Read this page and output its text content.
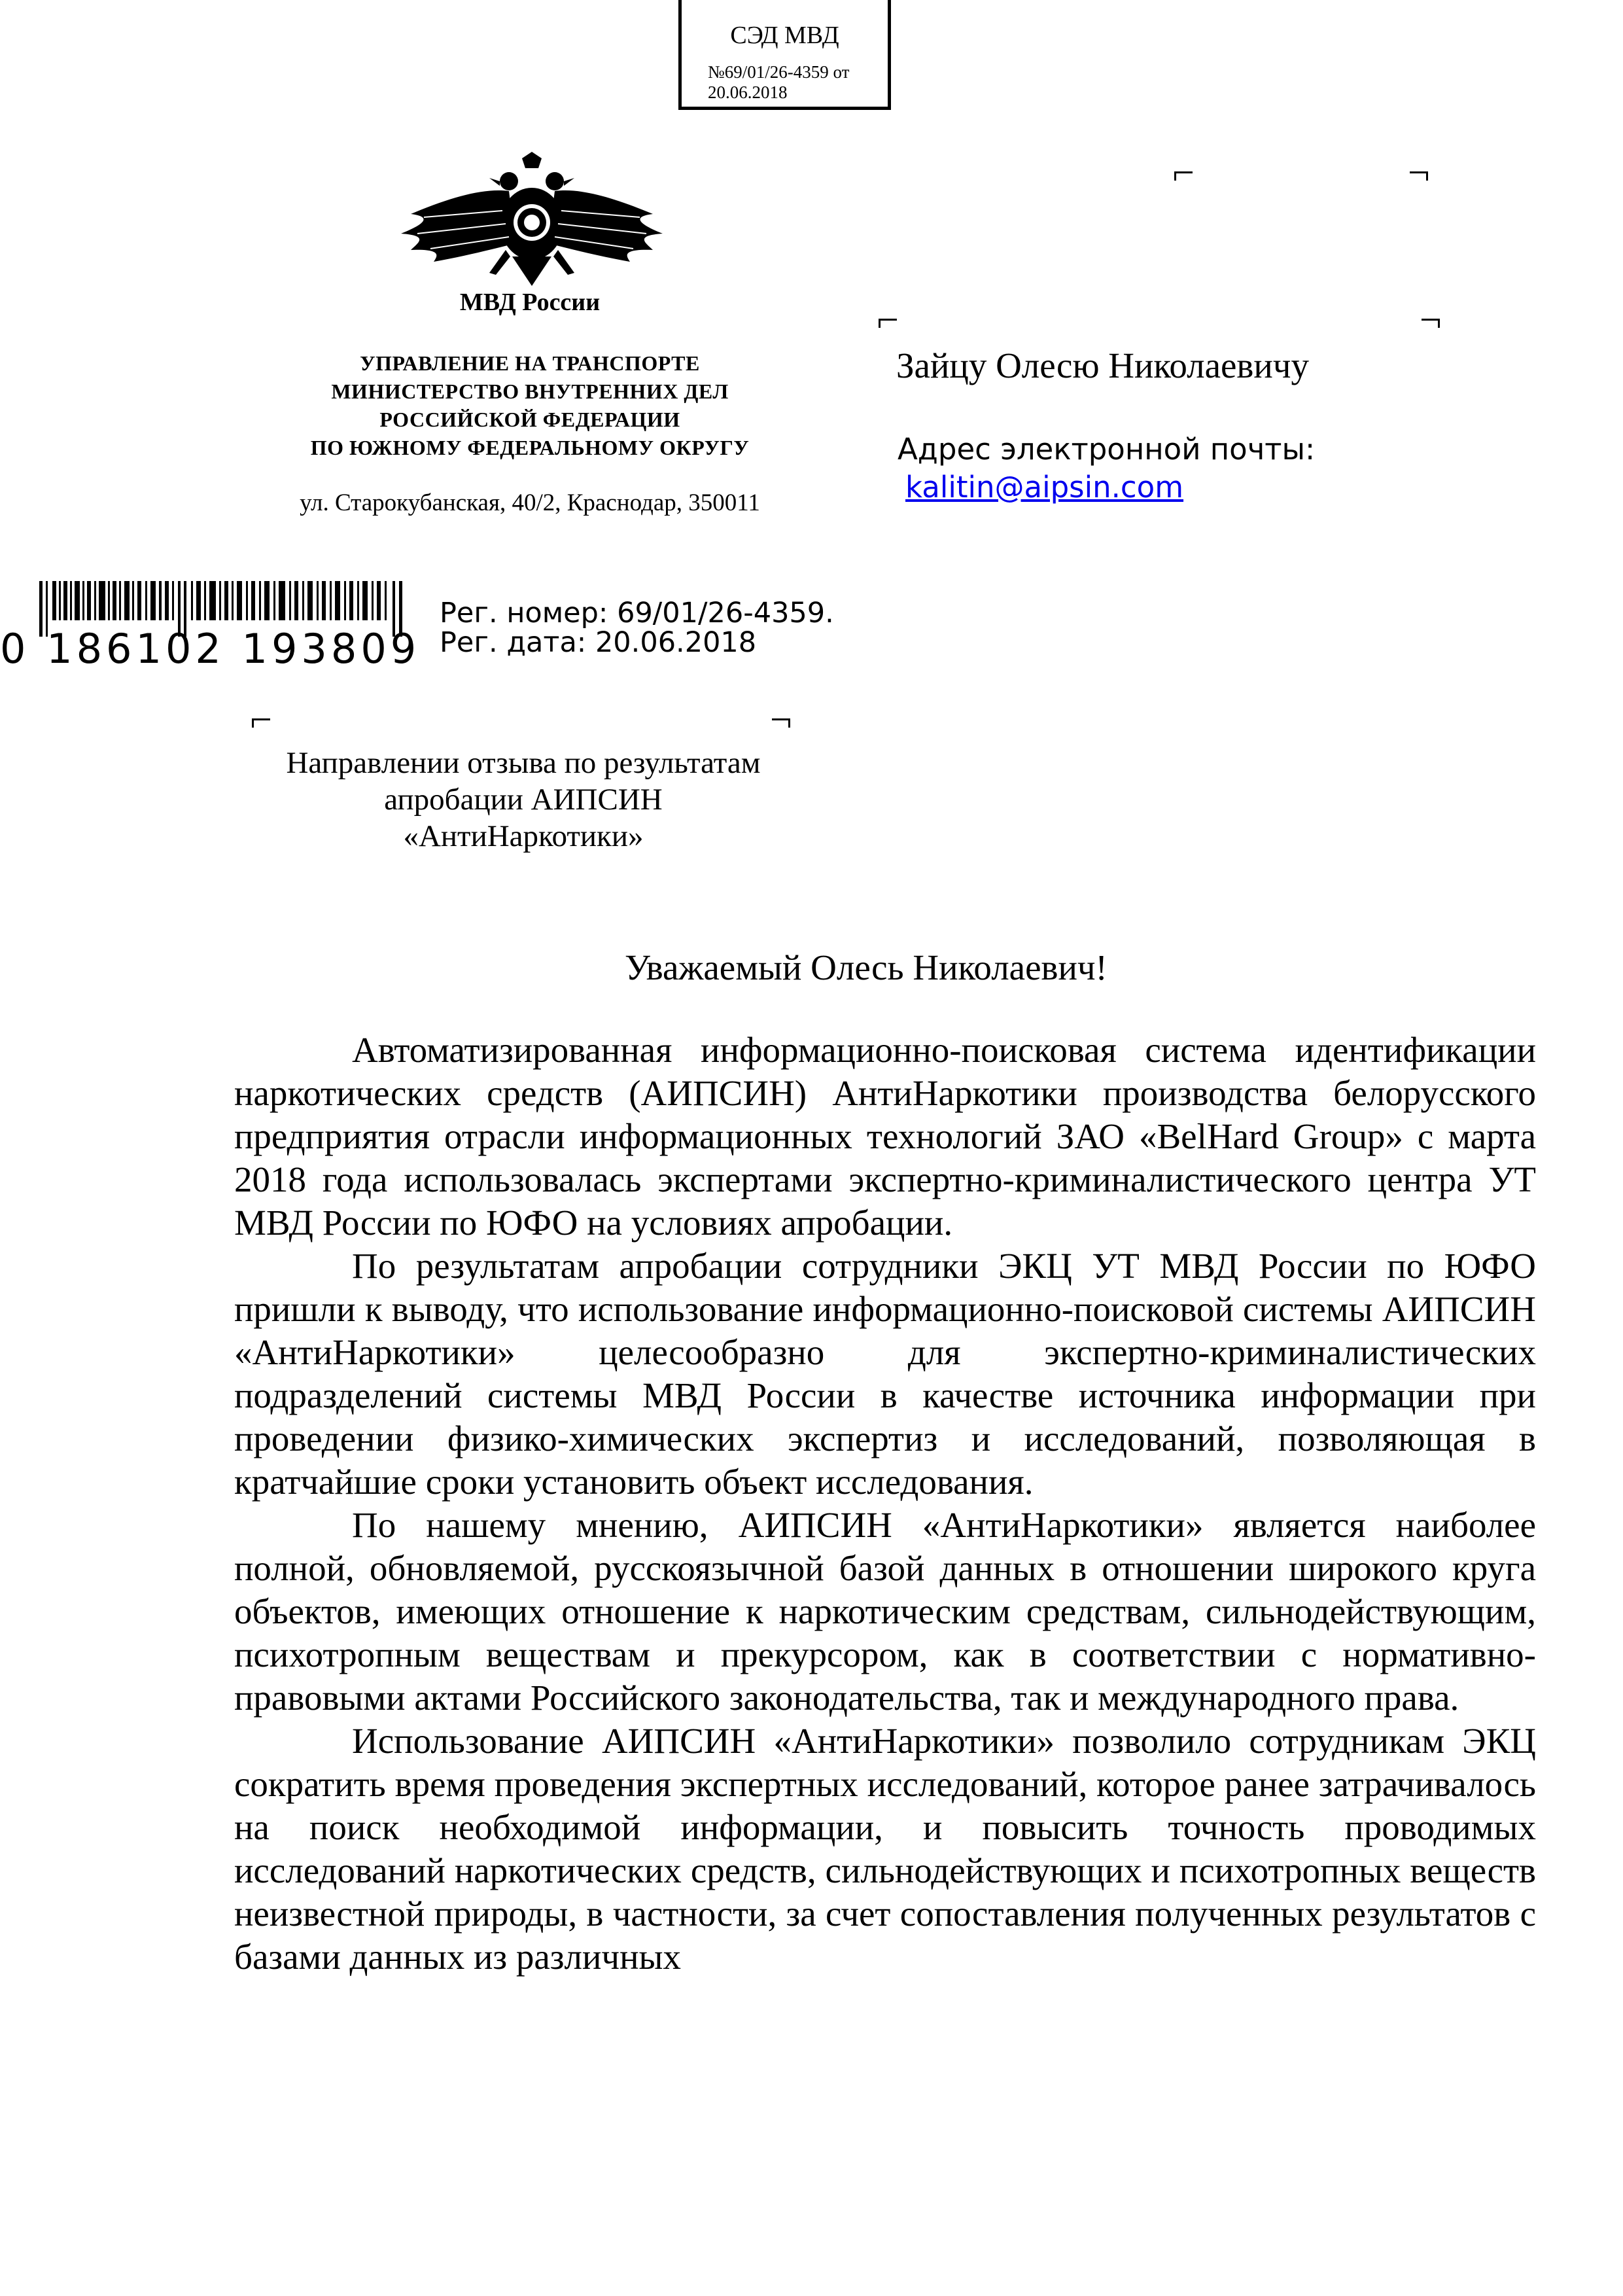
СЭД МВД
№69/01/26-4359 от
20.06.2018
МВД России
УПРАВЛЕНИЕ НА ТРАНСПОРТЕ
МИНИСТЕРСТВО ВНУТРЕННИХ ДЕЛ
РОССИЙСКОЙ ФЕДЕРАЦИИ
ПО ЮЖНОМУ ФЕДЕРАЛЬНОМУ ОКРУГУ
ул. Старокубанская, 40/2, Краснодар, 350011
Зайцу Олесю Николаевичу
Адрес электронной почты:
kalitin@aipsin.com
0 186102 193809
Рег. номер: 69/01/26-4359.
Рег. дата: 20.06.2018
Направлении отзыва по результатам
апробации АИПСИН
«АнтиНаркотики»
Уважаемый Олесь Николаевич!

Автоматизированная информационно-поисковая система идентификации наркотических средств (АИПСИН) АнтиНаркотики производства белорусского предприятия отрасли информационных технологий ЗАО «BelHard Group» с марта 2018 года использовалась экспертами экспертно-криминалистического центра УТ МВД России по ЮФО на условиях апробации.

По результатам апробации сотрудники ЭКЦ УТ МВД России по ЮФО пришли к выводу, что использование информационно-поисковой системы АИПСИН «АнтиНаркотики» целесообразно для экспертно-криминалистических подразделений системы МВД России в качестве источника информации при проведении физико-химических экспертиз и исследований, позволяющая в кратчайшие сроки установить объект исследования.

По нашему мнению, АИПСИН «АнтиНаркотики» является наиболее полной, обновляемой, русскоязычной базой данных в отношении широкого круга объектов, имеющих отношение к наркотическим средствам, сильнодействующим, психотропным веществам и прекурсором, как в соответствии с нормативно-правовыми актами Российского законодательства, так и международного права.

Использование АИПСИН «АнтиНаркотики» позволило сотрудникам ЭКЦ сократить время проведения экспертных исследований, которое ранее затрачивалось на поиск необходимой информации, и повысить точность проводимых исследований наркотических средств, сильнодействующих и психотропных веществ неизвестной природы, в частности, за счет сопоставления полученных результатов с базами данных из различных
